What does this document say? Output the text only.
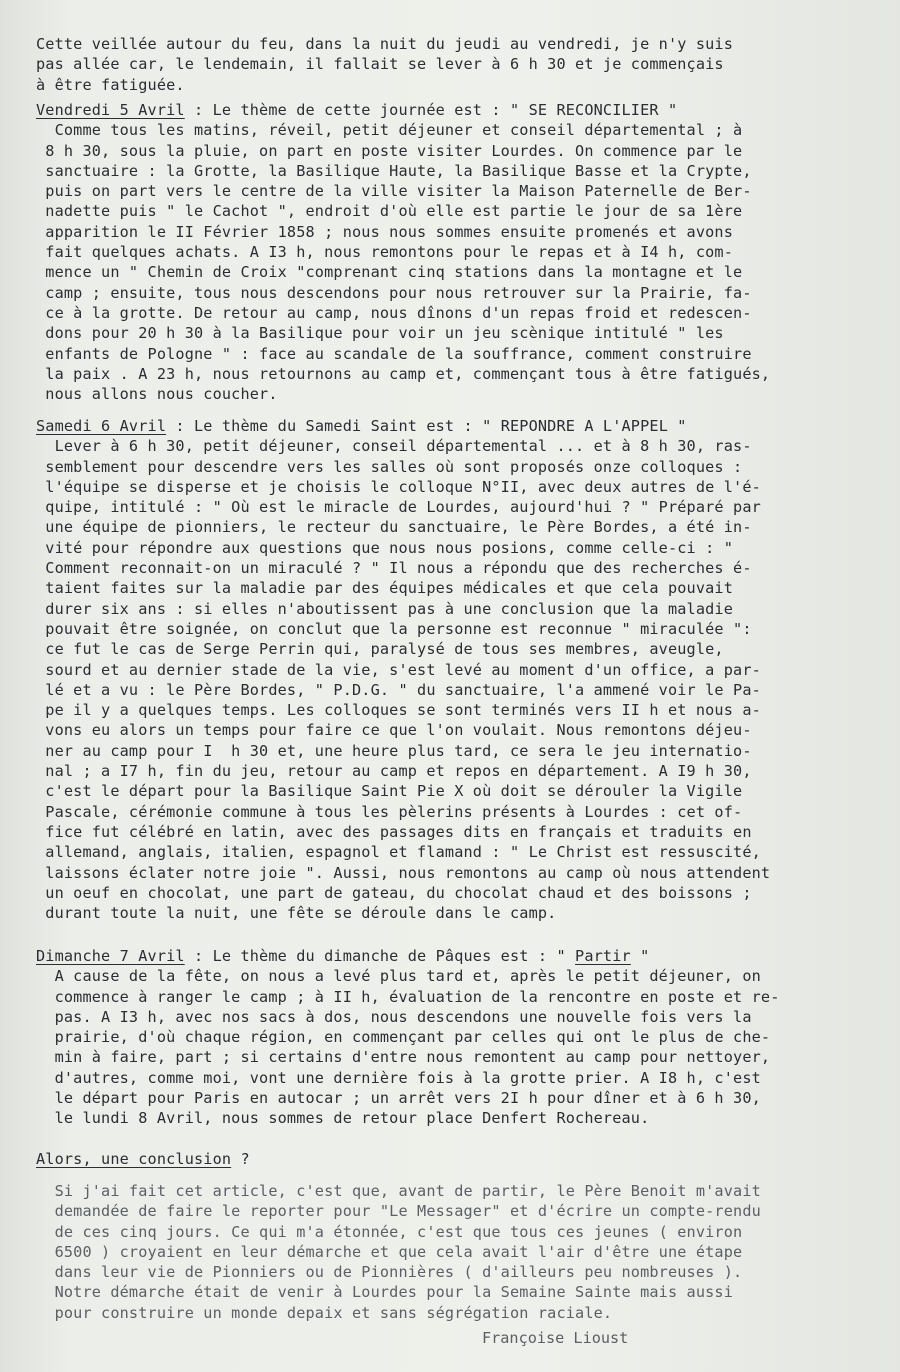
Cette veillée autour du feu, dans la nuit du jeudi au vendredi, je n'y suis
pas allée car, le lendemain, il fallait se lever à 6 h 30 et je commençais
à être fatiguée.
Vendredi 5 Avril : Le thème de cette journée est : " SE RECONCILIER "
Comme tous les matins, réveil, petit déjeuner et conseil départemental ; à
8 h 30, sous la pluie, on part en poste visiter Lourdes. On commence par le
sanctuaire : la Grotte, la Basilique Haute, la Basilique Basse et la Crypte,
puis on part vers le centre de la ville visiter la Maison Paternelle de Ber-
nadette puis " le Cachot ", endroit d'où elle est partie le jour de sa 1ère
apparition le II Février 1858 ; nous nous sommes ensuite promenés et avons
fait quelques achats. A I3 h, nous remontons pour le repas et à I4 h, com-
mence un " Chemin de Croix "comprenant cinq stations dans la montagne et le
camp ; ensuite, tous nous descendons pour nous retrouver sur la Prairie, fa-
ce à la grotte. De retour au camp, nous dînons d'un repas froid et redescen-
dons pour 20 h 30 à la Basilique pour voir un jeu scènique intitulé " les
enfants de Pologne " : face au scandale de la souffrance, comment construire
la paix . A 23 h, nous retournons au camp et, commençant tous à être fatigués,
nous allons nous coucher.
Samedi 6 Avril : Le thème du Samedi Saint est : " REPONDRE A L'APPEL "
Lever à 6 h 30, petit déjeuner, conseil départemental ... et à 8 h 30, ras-
semblement pour descendre vers les salles où sont proposés onze colloques :
l'équipe se disperse et je choisis le colloque N°II, avec deux autres de l'é-
quipe, intitulé : " Où est le miracle de Lourdes, aujourd'hui ? " Préparé par
une équipe de pionniers, le recteur du sanctuaire, le Père Bordes, a été in-
vité pour répondre aux questions que nous nous posions, comme celle-ci : "
Comment reconnait-on un miraculé ? " Il nous a répondu que des recherches é-
taient faites sur la maladie par des équipes médicales et que cela pouvait
durer six ans : si elles n'aboutissent pas à une conclusion que la maladie
pouvait être soignée, on conclut que la personne est reconnue " miraculée ":
ce fut le cas de Serge Perrin qui, paralysé de tous ses membres, aveugle,
sourd et au dernier stade de la vie, s'est levé au moment d'un office, a par-
lé et a vu : le Père Bordes, " P.D.G. " du sanctuaire, l'a ammené voir le Pa-
pe il y a quelques temps. Les colloques se sont terminés vers II h et nous a-
vons eu alors un temps pour faire ce que l'on voulait. Nous remontons déjeu-
ner au camp pour I  h 30 et, une heure plus tard, ce sera le jeu internatio-
nal ; a I7 h, fin du jeu, retour au camp et repos en département. A I9 h 30,
c'est le départ pour la Basilique Saint Pie X où doit se dérouler la Vigile
Pascale, cérémonie commune à tous les pèlerins présents à Lourdes : cet of-
fice fut célébré en latin, avec des passages dits en français et traduits en
allemand, anglais, italien, espagnol et flamand : " Le Christ est ressuscité,
laissons éclater notre joie ". Aussi, nous remontons au camp où nous attendent
un oeuf en chocolat, une part de gateau, du chocolat chaud et des boissons ;
durant toute la nuit, une fête se déroule dans le camp.
Dimanche 7 Avril : Le thème du dimanche de Pâques est : " Partir "
A cause de la fête, on nous a levé plus tard et, après le petit déjeuner, on
commence à ranger le camp ; à II h, évaluation de la rencontre en poste et re-
pas. A I3 h, avec nos sacs à dos, nous descendons une nouvelle fois vers la
prairie, d'où chaque région, en commençant par celles qui ont le plus de che-
min à faire, part ; si certains d'entre nous remontent au camp pour nettoyer,
d'autres, comme moi, vont une dernière fois à la grotte prier. A I8 h, c'est
le départ pour Paris en autocar ; un arrêt vers 2I h pour dîner et à 6 h 30,
le lundi 8 Avril, nous sommes de retour place Denfert Rochereau.
Alors, une conclusion ?
Si j'ai fait cet article, c'est que, avant de partir, le Père Benoit m'avait
demandée de faire le reporter pour "Le Messager" et d'écrire un compte-rendu
de ces cinq jours. Ce qui m'a étonnée, c'est que tous ces jeunes ( environ
6500 ) croyaient en leur démarche et que cela avait l'air d'être une étape
dans leur vie de Pionniers ou de Pionnières ( d'ailleurs peu nombreuses ).
Notre démarche était de venir à Lourdes pour la Semaine Sainte mais aussi
pour construire un monde depaix et sans ségrégation raciale.
Françoise Lioust
